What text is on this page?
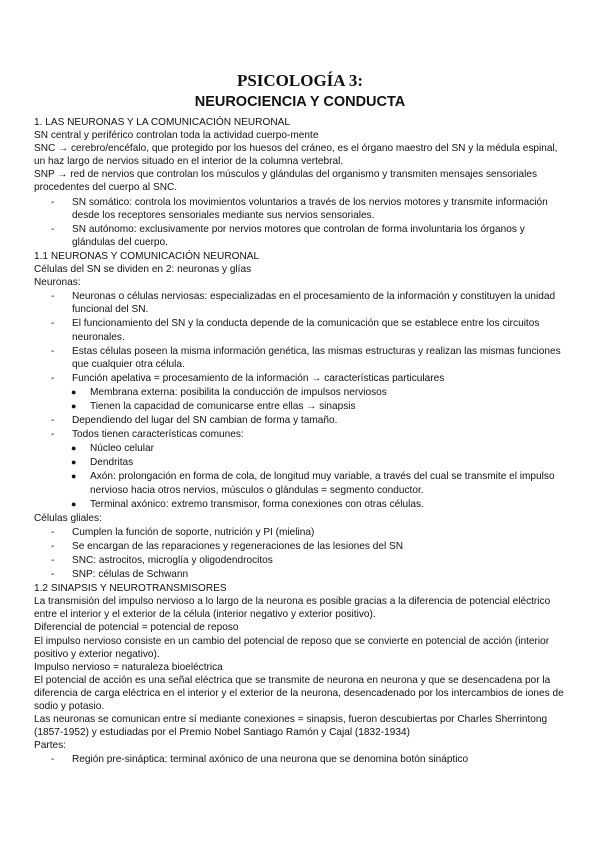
PSICOLOGÍA 3:
NEUROCIENCIA Y CONDUCTA

1. LAS NEURONAS Y LA COMUNICACIÓN NEURONAL

SN central y periférico controlan toda la actividad cuerpo-mente

SNC → cerebro/encéfalo, que protegido por los huesos del cráneo, es el órgano maestro del SN y la médula espinal, un haz largo de nervios situado en el interior de la columna vertebral.

SNP → red de nervios que controlan los músculos y glándulas del organismo y transmiten mensajes sensoriales procedentes del cuerpo al SNC.

- SN somático: controla los movimientos voluntarios a través de los nervios motores y transmite información desde los receptores sensoriales mediante sus nervios sensoriales.
- SN autónomo: exclusivamente por nervios motores que controlan de forma involuntaria los órganos y glándulas del cuerpo.

1.1 NEURONAS Y COMUNICACIÓN NEURONAL

Células del SN se dividen en 2: neuronas y glías

Neuronas:

- Neuronas o células nerviosas: especializadas en el procesamiento de la información y constituyen la unidad funcional del SN.
- El funcionamiento del SN y la conducta depende de la comunicación que se establece entre los circuitos neuronales.
- Estas células poseen la misma información genética, las mismas estructuras y realizan las mismas funciones que cualquier otra célula.
- Función apelativa = procesamiento de la información → características particulares
● Membrana externa: posibilita la conducción de impulsos nerviosos
● Tienen la capacidad de comunicarse entre ellas → sinapsis
- Dependiendo del lugar del SN cambian de forma y tamaño.
- Todos tienen características comunes:
● Núcleo celular
● Dendritas
● Axón: prolongación en forma de cola, de longitud muy variable, a través del cual se transmite el impulso nervioso hacia otros nervios, músculos o glándulas = segmento conductor.
● Terminal axónico: extremo transmisor, forma conexiones con otras células.

Células gliales:

- Cumplen la función de soporte, nutrición y PI (mielina)
- Se encargan de las reparaciones y regeneraciones de las lesiones del SN
- SNC: astrocitos, microglía y oligodendrocitos
- SNP: células de Schwann

1.2 SINAPSIS Y NEUROTRANSMISORES

La transmisión del impulso nervioso a lo largo de la neurona es posible gracias a la diferencia de potencial eléctrico entre el interior y el exterior de la célula (interior negativo y exterior positivo).

Diferencial de potencial = potencial de reposo

El impulso nervioso consiste en un cambio del potencial de reposo que se convierte en potencial de acción (interior positivo y exterior negativo).

Impulso nervioso = naturaleza bioeléctrica

El potencial de acción es una señal eléctrica que se transmite de neurona en neurona y que se desencadena por la diferencia de carga eléctrica en el interior y el exterior de la neurona, desencadenado por los intercambios de iones de sodio y potasio.

Las neuronas se comunican entre sí mediante conexiones = sinapsis, fueron descubiertas por Charles Sherrintong (1857-1952) y estudiadas por el Premio Nobel Santiago Ramón y Cajal (1832-1934)

Partes:

- Región pre-sináptica: terminal axónico de una neurona que se denomina botón sináptico
